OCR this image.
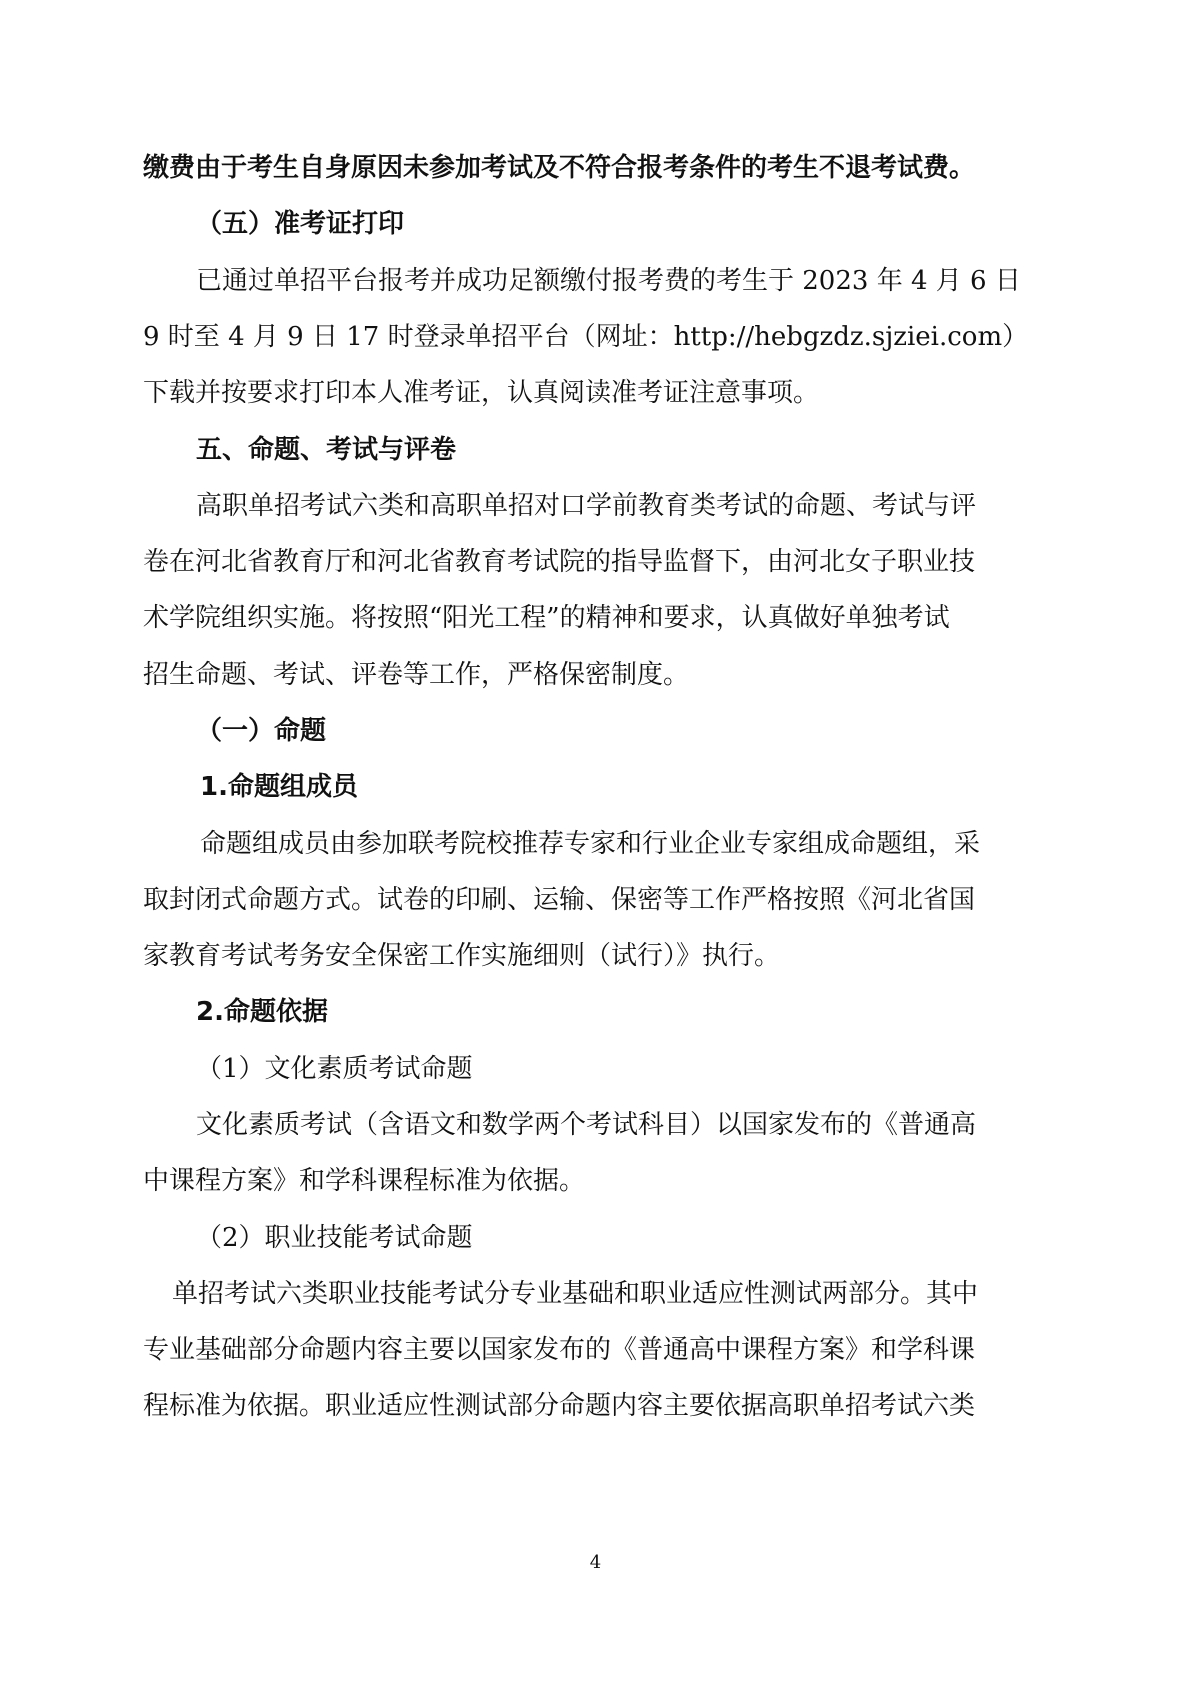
缴费由于考生自身原因未参加考试及不符合报考条件的考生不退考试费。
（五）准考证打印
已通过单招平台报考并成功足额缴付报考费的考生于 2023 年 4 月 6 日
9 时至 4 月 9 日 17 时登录单招平台（网址：http://hebgzdz.sjziei.com）
下载并按要求打印本人准考证，认真阅读准考证注意事项。
五、命题、考试与评卷
高职单招考试六类和高职单招对口学前教育类考试的命题、考试与评
卷在河北省教育厅和河北省教育考试院的指导监督下，由河北女子职业技
术学院组织实施。将按照“阳光工程”的精神和要求，认真做好单独考试
招生命题、考试、评卷等工作，严格保密制度。
（一）命题
1.命题组成员
命题组成员由参加联考院校推荐专家和行业企业专家组成命题组，采
取封闭式命题方式。试卷的印刷、运输、保密等工作严格按照《河北省国
家教育考试考务安全保密工作实施细则（试行）》执行。
2.命题依据
（1）文化素质考试命题
文化素质考试（含语文和数学两个考试科目）以国家发布的《普通高
中课程方案》和学科课程标准为依据。
（2）职业技能考试命题
单招考试六类职业技能考试分专业基础和职业适应性测试两部分。其中
专业基础部分命题内容主要以国家发布的《普通高中课程方案》和学科课
程标准为依据。职业适应性测试部分命题内容主要依据高职单招考试六类
4
